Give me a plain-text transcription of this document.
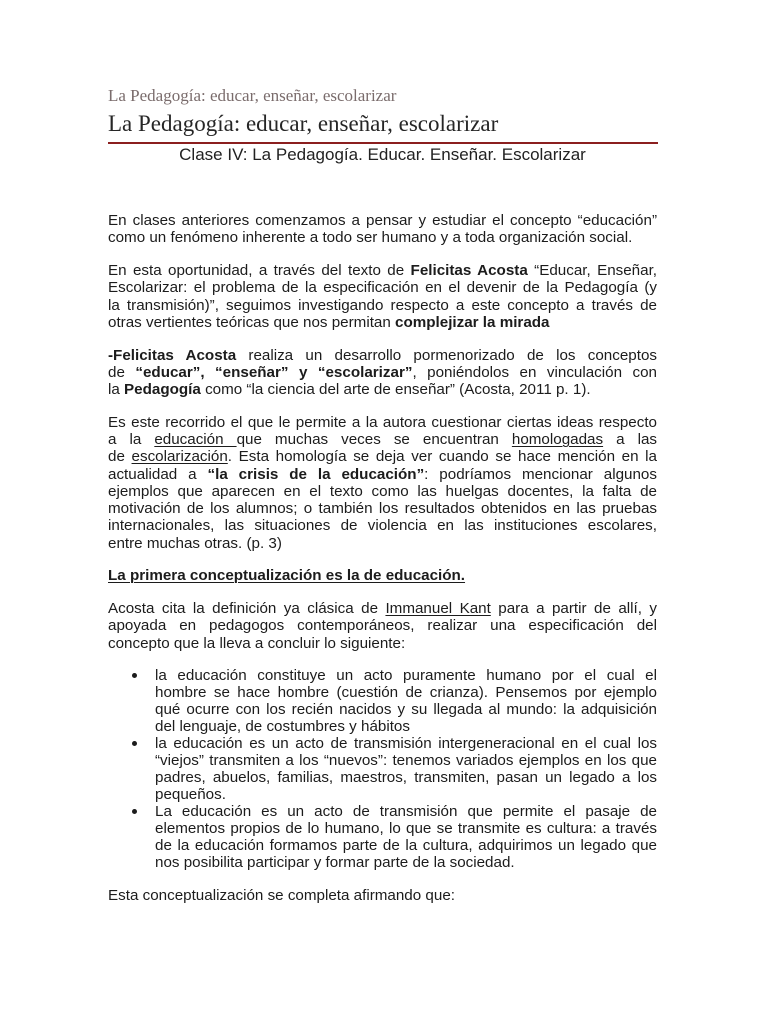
La Pedagogía: educar, enseñar, escolarizar
La Pedagogía: educar, enseñar, escolarizar
Clase IV: La Pedagogía. Educar. Enseñar. Escolarizar
En clases anteriores comenzamos a pensar y estudiar el concepto “educación”
como un fenómeno inherente a todo ser humano y a toda organización social.
En esta oportunidad, a través del texto de Felicitas Acosta “Educar, Enseñar,
Escolarizar: el problema de la especificación en el devenir de la Pedagogía (y
la transmisión)”, seguimos investigando respecto a este concepto a través de
otras vertientes teóricas que nos permitan complejizar la mirada
-Felicitas Acosta realiza un desarrollo pormenorizado de los conceptos
de “educar”, “enseñar” y “escolarizar”, poniéndolos en vinculación con
la Pedagogía como “la ciencia del arte de enseñar” (Acosta, 2011 p. 1).
Es este recorrido el que le permite a la autora cuestionar ciertas ideas respecto
a la educación que muchas veces se encuentran homologadas a las
de escolarización. Esta homología se deja ver cuando se hace mención en la
actualidad a “la crisis de la educación”: podríamos mencionar algunos
ejemplos que aparecen en el texto como las huelgas docentes, la falta de
motivación de los alumnos; o también los resultados obtenidos en las pruebas
internacionales, las situaciones de violencia en las instituciones escolares,
entre muchas otras. (p. 3)
La primera conceptualización es la de educación.
Acosta cita la definición ya clásica de Immanuel Kant para a partir de allí, y
apoyada en pedagogos contemporáneos, realizar una especificación del
concepto que la lleva a concluir lo siguiente:
la educación constituye un acto puramente humano por el cual el
hombre se hace hombre (cuestión de crianza). Pensemos por ejemplo
qué ocurre con los recién nacidos y su llegada al mundo: la adquisición
del lenguaje, de costumbres y hábitos
la educación es un acto de transmisión intergeneracional en el cual los
“viejos” transmiten a los “nuevos”: tenemos variados ejemplos en los que
padres, abuelos, familias, maestros, transmiten, pasan un legado a los
pequeños.
La educación es un acto de transmisión que permite el pasaje de
elementos propios de lo humano, lo que se transmite es cultura: a través
de la educación formamos parte de la cultura, adquirimos un legado que
nos posibilita participar y formar parte de la sociedad.
Esta conceptualización se completa afirmando que:
